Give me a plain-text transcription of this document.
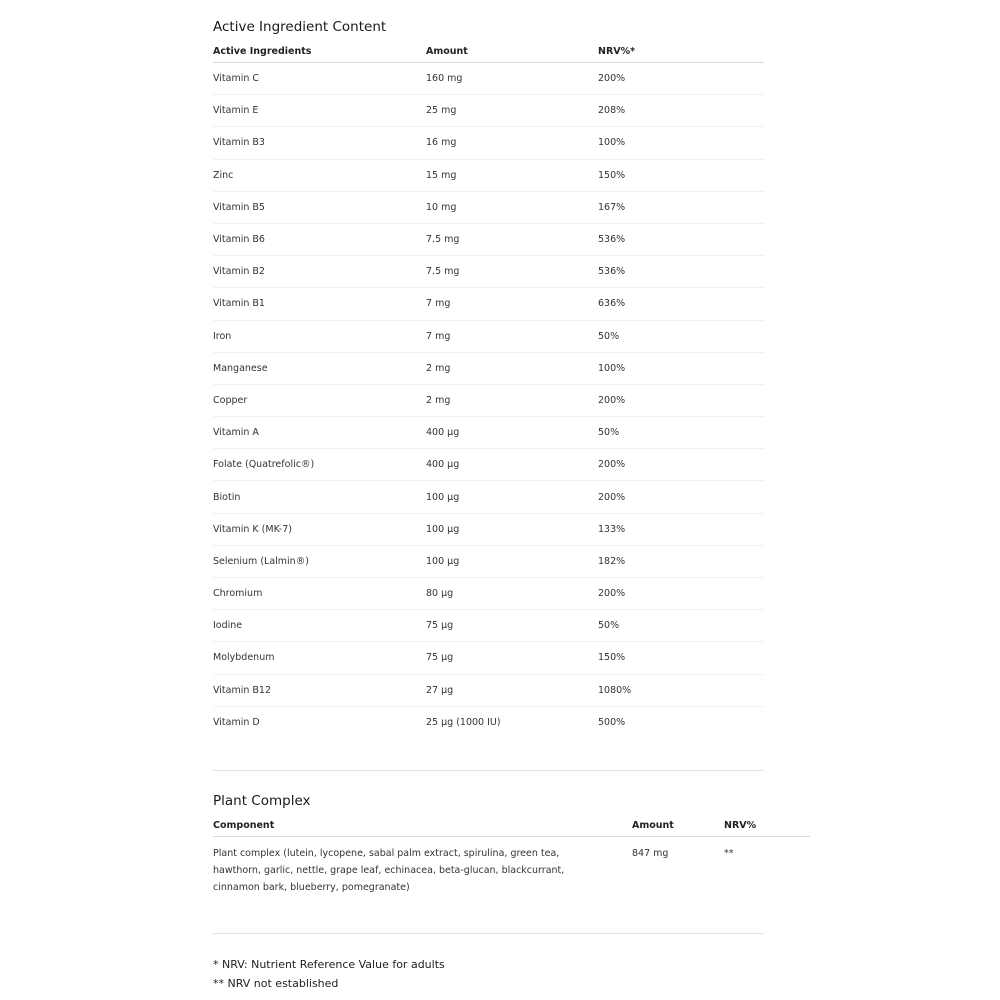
Active Ingredient Content
Active Ingredients	Amount	NRV%*
Vitamin C	160 mg	200%
Vitamin E	25 mg	208%
Vitamin B3	16 mg	100%
Zinc	15 mg	150%
Vitamin B5	10 mg	167%
Vitamin B6	7.5 mg	536%
Vitamin B2	7.5 mg	536%
Vitamin B1	7 mg	636%
Iron	7 mg	50%
Manganese	2 mg	100%
Copper	2 mg	200%
Vitamin A	400 µg	50%
Folate (Quatrefolic®)	400 µg	200%
Biotin	100 µg	200%
Vitamin K (MK-7)	100 µg	133%
Selenium (Lalmin®)	100 µg	182%
Chromium	80 µg	200%
Iodine	75 µg	50%
Molybdenum	75 µg	150%
Vitamin B12	27 µg	1080%
Vitamin D	25 µg (1000 IU)	500%
Plant Complex
Component	Amount	NRV%

Plant complex (lutein, lycopene, sabal palm extract, spirulina, green tea, hawthorn, garlic, nettle, grape leaf, echinacea, beta-glucan, blackcurrant, cinnamon bark, blueberry, pomegranate)	847 mg	**
* NRV: Nutrient Reference Value for adults
** NRV not established
